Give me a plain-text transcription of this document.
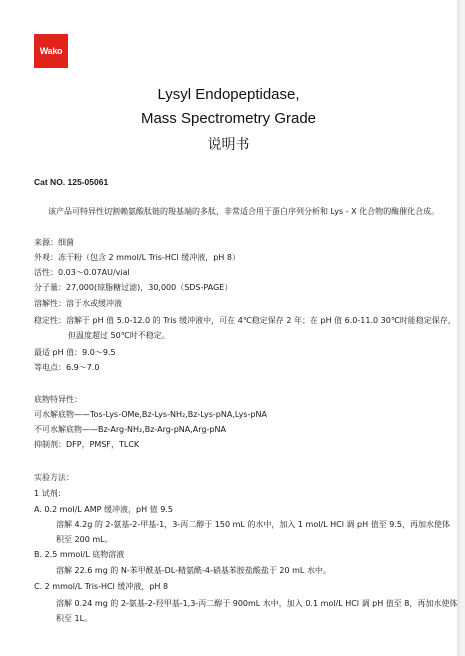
Wako
Lysyl Endopeptidase,
Mass Spectrometry Grade
说明书
Cat NO. 125-05061
该产品可特异性切割赖氨酸肽链的羧基端的多肽，非常适合用于蛋白序列分析和 Lys - X 化合物的酶催化合成。
来源：细菌
外观：冻干粉（包含 2 mmol/L Tris-HCl 缓冲液，pH 8）
活性：0.03～0.07AU/vial
分子量：27,000(琼脂糖过滤)，30,000（SDS-PAGE）
溶解性：溶于水或缓冲液
稳定性：溶解于 pH 值 5.0-12.0 的 Tris 缓冲液中，可在 4℃稳定保存 2 年；在 pH 值 6.0-11.0 30℃时能稳定保存，
但温度超过 50℃时不稳定。
最适 pH 值：9.0～9.5
等电点：6.9～7.0
底物特异性：
可水解底物——Tos-Lys-OMe,Bz-Lys-NH₂,Bz-Lys-pNA,Lys-pNA
不可水解底物——Bz-Arg-NH₂,Bz-Arg-pNA,Arg-pNA
抑制剂：DFP，PMSF，TLCK
实验方法：
1 试剂：
A. 0.2 mol/L AMP 缓冲液，pH 值 9.5
溶解 4.2g 的 2-氨基-2-甲基-1，3-丙二醇于 150 mL 的水中，加入 1 mol/L HCl 调 pH 值至 9.5，再加水使体
积至 200 mL。
B. 2.5 mmol/L 底物溶液
溶解 22.6 mg 的 N-苯甲酰基-DL-精氨酰-4-硝基苯胺盐酸盐于 20 mL 水中。
C. 2 mmol/L Tris-HCl 缓冲液，pH 8
溶解 0.24 mg 的 2-氨基-2-羟甲基-1,3-丙二醇于 900mL 水中，加入 0.1 mol/L HCl 调 pH 值至 8，再加水使体
积至 1L。
